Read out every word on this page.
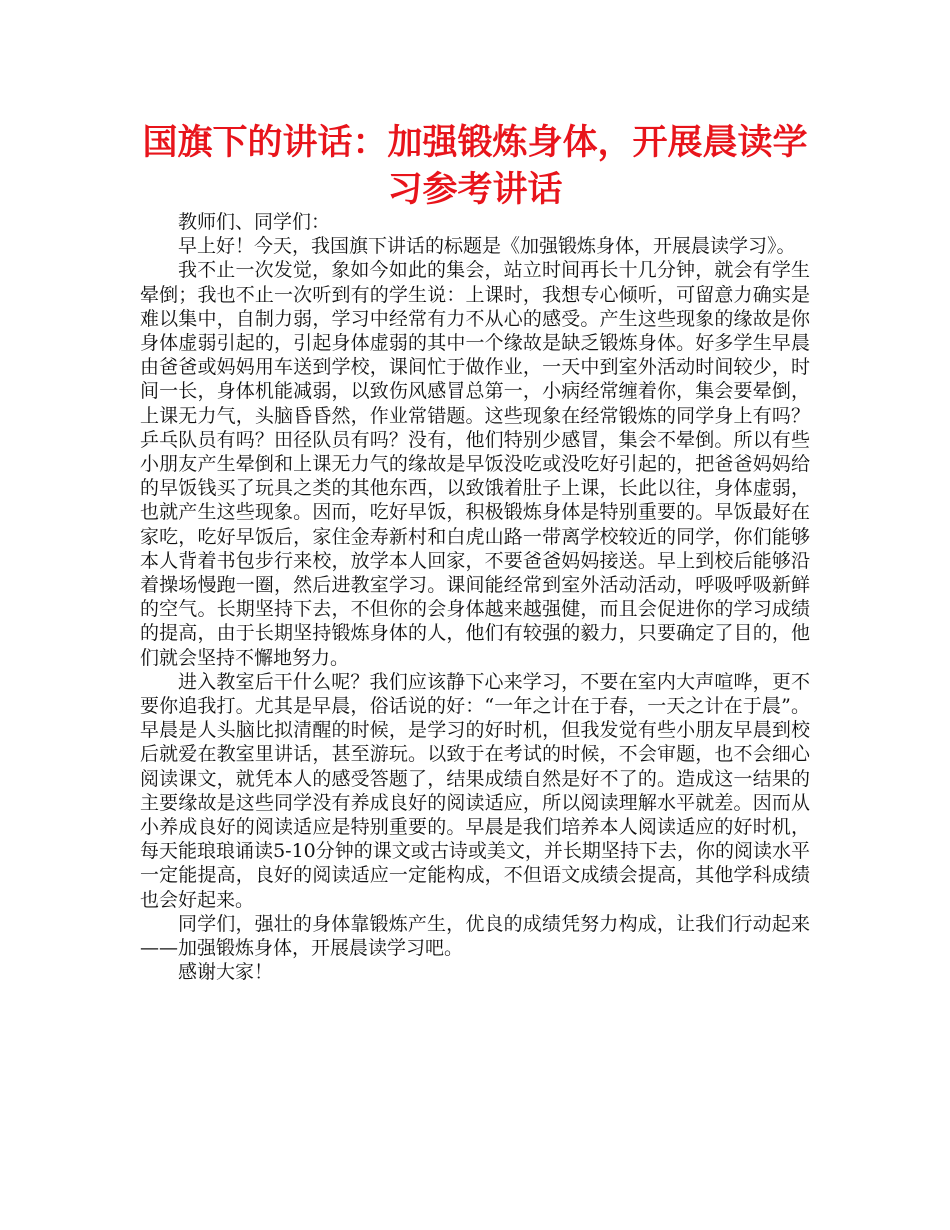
国旗下的讲话：加强锻炼身体，开展晨读学习参考讲话

教师们、同学们：

早上好！今天，我国旗下讲话的标题是《加强锻炼身体，开展晨读学习》。

我不止一次发觉，象如今如此的集会，站立时间再长十几分钟，就会有学生晕倒；我也不止一次听到有的学生说：上课时，我想专心倾听，可留意力确实是难以集中，自制力弱，学习中经常有力不从心的感受。产生这些现象的缘故是你身体虚弱引起的，引起身体虚弱的其中一个缘故是缺乏锻炼身体。好多学生早晨由爸爸或妈妈用车送到学校，课间忙于做作业，一天中到室外活动时间较少，时间一长，身体机能减弱，以致伤风感冒总第一，小病经常缠着你，集会要晕倒，上课无力气，头脑昏昏然，作业常错题。这些现象在经常锻炼的同学身上有吗？乒乓队员有吗？田径队员有吗？没有，他们特别少感冒，集会不晕倒。所以有些小朋友产生晕倒和上课无力气的缘故是早饭没吃或没吃好引起的，把爸爸妈妈给的早饭钱买了玩具之类的其他东西，以致饿着肚子上课，长此以往，身体虚弱，也就产生这些现象。因而，吃好早饭，积极锻炼身体是特别重要的。早饭最好在家吃，吃好早饭后，家住金寿新村和白虎山路一带离学校较近的同学，你们能够本人背着书包步行来校，放学本人回家，不要爸爸妈妈接送。早上到校后能够沿着操场慢跑一圈，然后进教室学习。课间能经常到室外活动活动，呼吸呼吸新鲜的空气。长期坚持下去，不但你的会身体越来越强健，而且会促进你的学习成绩的提高，由于长期坚持锻炼身体的人，他们有较强的毅力，只要确定了目的，他们就会坚持不懈地努力。

进入教室后干什么呢？我们应该静下心来学习，不要在室内大声喧哗，更不要你追我打。尤其是早晨，俗话说的好：“一年之计在于春，一天之计在于晨”。早晨是人头脑比拟清醒的时候，是学习的好时机，但我发觉有些小朋友早晨到校后就爱在教室里讲话，甚至游玩。以致于在考试的时候，不会审题，也不会细心阅读课文，就凭本人的感受答题了，结果成绩自然是好不了的。造成这一结果的主要缘故是这些同学没有养成良好的阅读适应，所以阅读理解水平就差。因而从小养成良好的阅读适应是特别重要的。早晨是我们培养本人阅读适应的好时机，每天能琅琅诵读5-10分钟的课文或古诗或美文，并长期坚持下去，你的阅读水平一定能提高，良好的阅读适应一定能构成，不但语文成绩会提高，其他学科成绩也会好起来。

同学们，强壮的身体靠锻炼产生，优良的成绩凭努力构成，让我们行动起来——加强锻炼身体，开展晨读学习吧。

感谢大家！
